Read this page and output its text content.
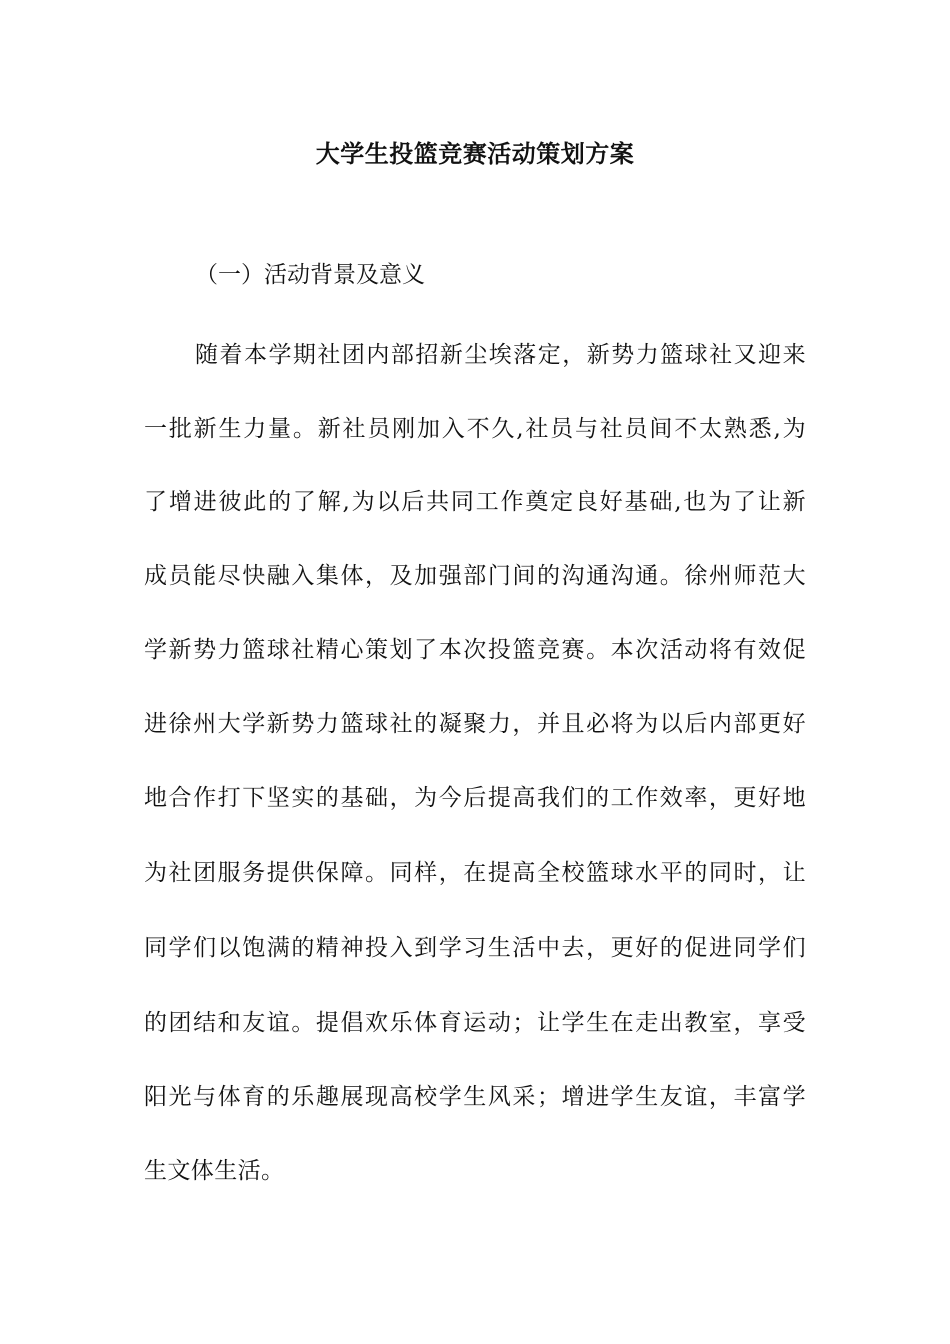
大学生投篮竞赛活动策划方案
（一）活动背景及意义
随着本学期社团内部招新尘埃落定，新势力篮球社又迎来
一批新生力量。新社员刚加入不久,社员与社员间不太熟悉,为
了增进彼此的了解,为以后共同工作奠定良好基础,也为了让新
成员能尽快融入集体，及加强部门间的沟通沟通。徐州师范大
学新势力篮球社精心策划了本次投篮竞赛。本次活动将有效促
进徐州大学新势力篮球社的凝聚力，并且必将为以后内部更好
地合作打下坚实的基础，为今后提高我们的工作效率，更好地
为社团服务提供保障。同样，在提高全校篮球水平的同时，让
同学们以饱满的精神投入到学习生活中去，更好的促进同学们
的团结和友谊。提倡欢乐体育运动；让学生在走出教室，享受
阳光与体育的乐趣展现高校学生风采；增进学生友谊，丰富学
生文体生活。
